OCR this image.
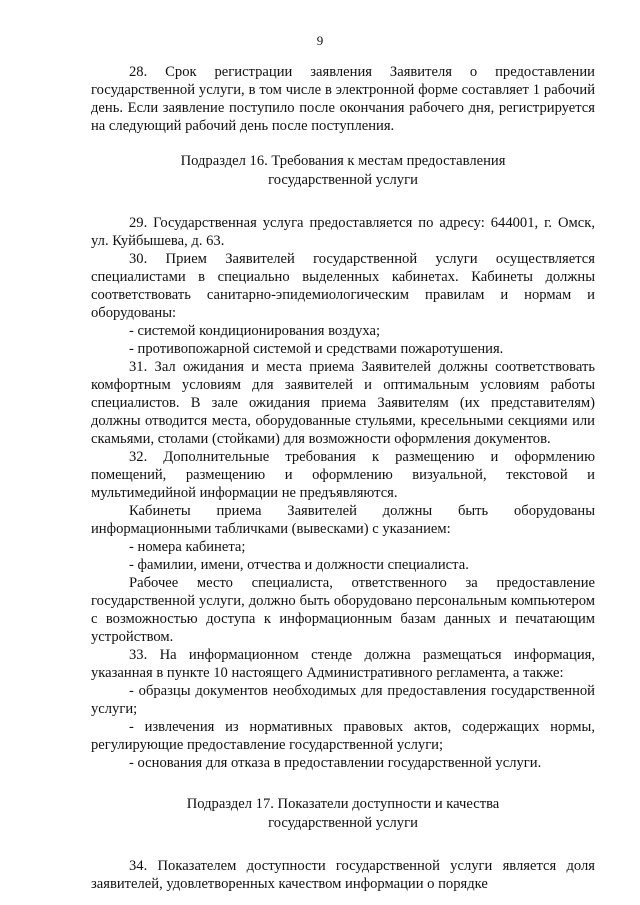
9

28. Срок регистрации заявления Заявителя о предоставлении государственной услуги, в том числе в электронной форме составляет 1 рабочий день. Если заявление поступило после окончания рабочего дня, регистрируется на следующий рабочий день после поступления.

Подраздел 16. Требования к местам предоставления
государственной услуги

29. Государственная услуга предоставляется по адресу: 644001, г. Омск, ул. Куйбышева, д. 63.

30. Прием Заявителей государственной услуги осуществляется специалистами в специально выделенных кабинетах. Кабинеты должны соответствовать санитарно-эпидемиологическим правилам и нормам и оборудованы:

- системой кондиционирования воздуха;

- противопожарной системой и средствами пожаротушения.

31. Зал ожидания и места приема Заявителей должны соответствовать комфортным условиям для заявителей и оптимальным условиям работы специалистов. В зале ожидания приема Заявителям (их представителям) должны отводится места, оборудованные стульями, кресельными секциями или скамьями, столами (стойками) для возможности оформления документов.

32. Дополнительные требования к размещению и оформлению помещений, размещению и оформлению визуальной, текстовой и мультимедийной информации не предъявляются.

Кабинеты приема Заявителей должны быть оборудованы информационными табличками (вывесками) с указанием:

- номера кабинета;

- фамилии, имени, отчества и должности специалиста.

Рабочее место специалиста, ответственного за предоставление государственной услуги, должно быть оборудовано персональным компьютером с возможностью доступа к информационным базам данных и печатающим устройством.

33. На информационном стенде должна размещаться информация, указанная в пункте 10 настоящего Административного регламента, а также:

- образцы документов необходимых для предоставления государственной услуги;

- извлечения из нормативных правовых актов, содержащих нормы, регулирующие предоставление государственной услуги;

- основания для отказа в предоставлении государственной услуги.

Подраздел 17. Показатели доступности и качества
государственной услуги

34. Показателем доступности государственной услуги является доля заявителей, удовлетворенных качеством информации о порядке
